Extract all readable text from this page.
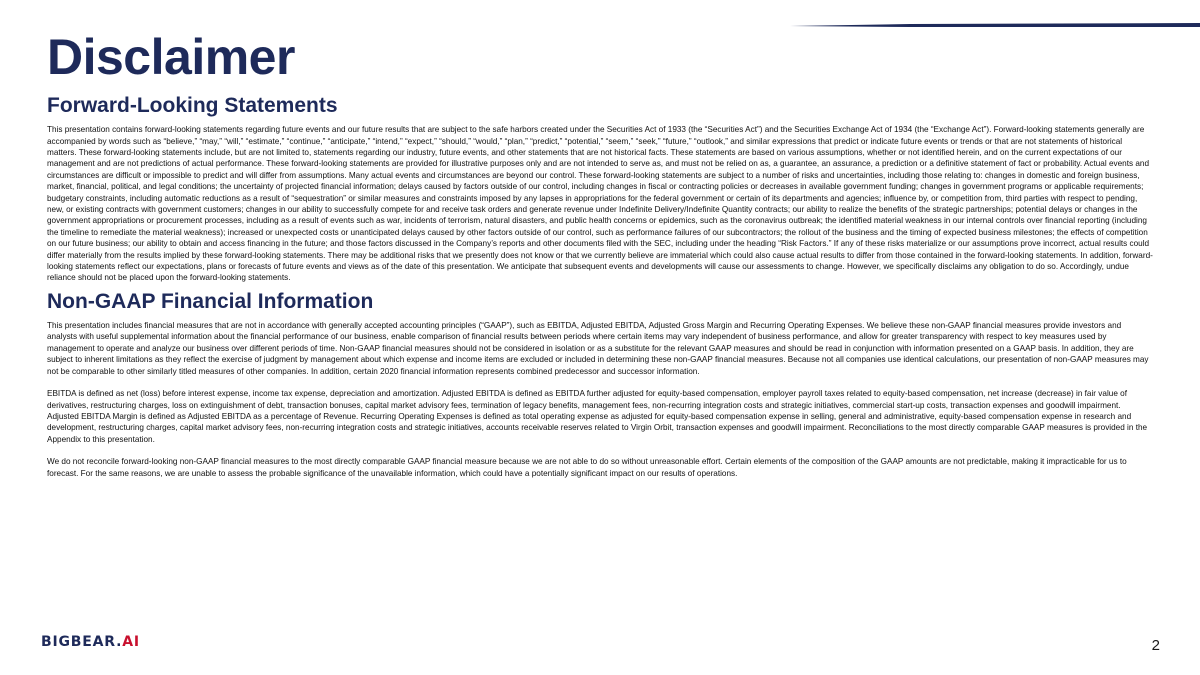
Disclaimer
Forward-Looking Statements

This presentation contains forward-looking statements regarding future events and our future results that are subject to the safe harbors created under the Securities Act of 1933 (the “Securities Act”) and the Securities Exchange Act of 1934 (the “Exchange Act”). Forward-looking statements generally are accompanied by words such as “believe,” “may,” “will,” “estimate,” “continue,” “anticipate,” “intend,” “expect,” “should,” “would,” “plan,” “predict,” “potential,” “seem,” “seek,” “future,” “outlook,” and similar expressions that predict or indicate future events or trends or that are not statements of historical matters. These forward-looking statements include, but are not limited to, statements regarding our industry, future events, and other statements that are not historical facts. These statements are based on various assumptions, whether or not identified herein, and on the current expectations of our management and are not predictions of actual performance. These forward-looking statements are provided for illustrative purposes only and are not intended to serve as, and must not be relied on as, a guarantee, an assurance, a prediction or a definitive statement of fact or probability. Actual events and circumstances are difficult or impossible to predict and will differ from assumptions. Many actual events and circumstances are beyond our control. These forward-looking statements are subject to a number of risks and uncertainties, including those relating to: changes in domestic and foreign business, market, financial, political, and legal conditions; the uncertainty of projected financial information; delays caused by factors outside of our control, including changes in fiscal or contracting policies or decreases in available government funding; changes in government programs or applicable requirements; budgetary constraints, including automatic reductions as a result of “sequestration” or similar measures and constraints imposed by any lapses in appropriations for the federal government or certain of its departments and agencies; influence by, or competition from, third parties with respect to pending, new, or existing contracts with government customers; changes in our ability to successfully compete for and receive task orders and generate revenue under Indefinite Delivery/Indefinite Quantity contracts; our ability to realize the benefits of the strategic partnerships; potential delays or changes in the government appropriations or procurement processes, including as a result of events such as war, incidents of terrorism, natural disasters, and public health concerns or epidemics, such as the coronavirus outbreak; the identified material weakness in our internal controls over financial reporting (including the timeline to remediate the material weakness); increased or unexpected costs or unanticipated delays caused by other factors outside of our control, such as performance failures of our subcontractors; the rollout of the business and the timing of expected business milestones; the effects of competition on our future business; our ability to obtain and access financing in the future; and those factors discussed in the Company’s reports and other documents filed with the SEC, including under the heading “Risk Factors.” If any of these risks materialize or our assumptions prove incorrect, actual results could differ materially from the results implied by these forward-looking statements. There may be additional risks that we presently does not know or that we currently believe are immaterial which could also cause actual results to differ from those contained in the forward-looking statements. In addition, forward-looking statements reflect our expectations, plans or forecasts of future events and views as of the date of this presentation. We anticipate that subsequent events and developments will cause our assessments to change. However, we specifically disclaims any obligation to do so. Accordingly, undue reliance should not be placed upon the forward-looking statements.

Non-GAAP Financial Information

This presentation includes financial measures that are not in accordance with generally accepted accounting principles (“GAAP”), such as EBITDA, Adjusted EBITDA, Adjusted Gross Margin and Recurring Operating Expenses. We believe these non-GAAP financial measures provide investors and analysts with useful supplemental information about the financial performance of our business, enable comparison of financial results between periods where certain items may vary independent of business performance, and allow for greater transparency with respect to key measures used by management to operate and analyze our business over different periods of time. Non-GAAP financial measures should not be considered in isolation or as a substitute for the relevant GAAP measures and should be read in conjunction with information presented on a GAAP basis. In addition, they are subject to inherent limitations as they reflect the exercise of judgment by management about which expense and income items are excluded or included in determining these non-GAAP financial measures. Because not all companies use identical calculations, our presentation of non-GAAP measures may not be comparable to other similarly titled measures of other companies. In addition, certain 2020 financial information represents combined predecessor and successor information.

EBITDA is defined as net (loss) before interest expense, income tax expense, depreciation and amortization. Adjusted EBITDA is defined as EBITDA further adjusted for equity-based compensation, employer payroll taxes related to equity-based compensation, net increase (decrease) in fair value of derivatives, restructuring charges, loss on extinguishment of debt, transaction bonuses, capital market advisory fees, termination of legacy benefits, management fees, non-recurring integration costs and strategic initiatives, commercial start-up costs, transaction expenses and goodwill impairment. Adjusted EBITDA Margin is defined as Adjusted EBITDA as a percentage of Revenue. Recurring Operating Expenses is defined as total operating expense as adjusted for equity-based compensation expense in selling, general and administrative, equity-based compensation expense in research and development, restructuring charges, capital market advisory fees, non-recurring integration costs and strategic initiatives, accounts receivable reserves related to Virgin Orbit, transaction expenses and goodwill impairment. Reconciliations to the most directly comparable GAAP measures is provided in the Appendix to this presentation.

We do not reconcile forward-looking non-GAAP financial measures to the most directly comparable GAAP financial measure because we are not able to do so without unreasonable effort. Certain elements of the composition of the GAAP amounts are not predictable, making it impracticable for us to forecast. For the same reasons, we are unable to assess the probable significance of the unavailable information, which could have a potentially significant impact on our results of operations.

BIGBEAR. AI	2
